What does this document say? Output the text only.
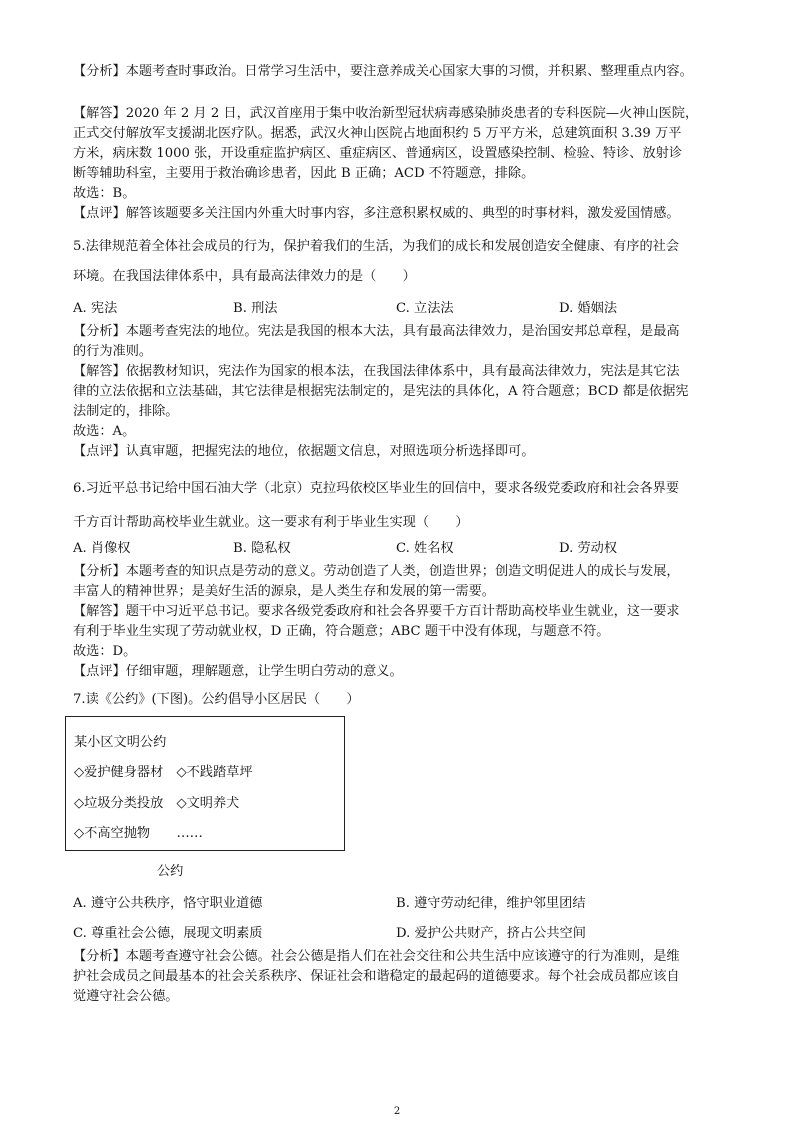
【分析】本题考查时事政治。日常学习生活中，要注意养成关心国家大事的习惯，并积累、整理重点内容。

【解答】2020 年 2 月 2 日，武汉首座用于集中收治新型冠状病毒感染肺炎患者的专科医院—火神山医院，

正式交付解放军支援湖北医疗队。据悉，武汉火神山医院占地面积约 5 万平方米，总建筑面积 3.39 万平

方米，病床数 1000 张，开设重症监护病区、重症病区、普通病区，设置感染控制、检验、特诊、放射诊

断等辅助科室，主要用于救治确诊患者，因此 B 正确；ACD 不符题意，排除。

故选：B。

【点评】解答该题要多关注国内外重大时事内容，多注意积累权威的、典型的时事材料，激发爱国情感。

5.法律规范着全体社会成员的行为，保护着我们的生活，为我们的成长和发展创造安全健康、有序的社会

环境。在我国法律体系中，具有最高法律效力的是（　　）

A. 宪法	B. 刑法	C. 立法法	D. 婚姻法

【分析】本题考查宪法的地位。宪法是我国的根本大法，具有最高法律效力，是治国安邦总章程，是最高

的行为准则。

【解答】依据教材知识，宪法作为国家的根本法，在我国法律体系中，具有最高法律效力，宪法是其它法

律的立法依据和立法基础，其它法律是根据宪法制定的，是宪法的具体化，A 符合题意；BCD 都是依据宪

法制定的，排除。

故选：A。

【点评】认真审题，把握宪法的地位，依据题文信息，对照选项分析选择即可。

6.习近平总书记给中国石油大学（北京）克拉玛依校区毕业生的回信中，要求各级党委政府和社会各界要

千方百计帮助高校毕业生就业。这一要求有利于毕业生实现（　　）

A. 肖像权	B. 隐私权	C. 姓名权	D. 劳动权

【分析】本题考查的知识点是劳动的意义。劳动创造了人类，创造世界；创造文明促进人的成长与发展，

丰富人的精神世界；是美好生活的源泉，是人类生存和发展的第一需要。

【解答】题干中习近平总书记。要求各级党委政府和社会各界要千方百计帮助高校毕业生就业，这一要求

有利于毕业生实现了劳动就业权，D 正确，符合题意；ABC 题干中没有体现，与题意不符。

故选：D。

【点评】仔细审题，理解题意，让学生明白劳动的意义。

7.读《公约》(下图)。公约倡导小区居民（　　）

某小区文明公约
◇爱护健身器材　◇不践踏草坪
◇垃圾分类投放　◇文明养犬
◇不高空抛物　　……
公约
A. 遵守公共秩序，恪守职业道德	B. 遵守劳动纪律，维护邻里团结
C. 尊重社会公德，展现文明素质	D. 爱护公共财产，挤占公共空间

【分析】本题考查遵守社会公德。社会公德是指人们在社会交往和公共生活中应该遵守的行为准则，是维

护社会成员之间最基本的社会关系秩序、保证社会和谐稳定的最起码的道德要求。每个社会成员都应该自

觉遵守社会公德。

2
